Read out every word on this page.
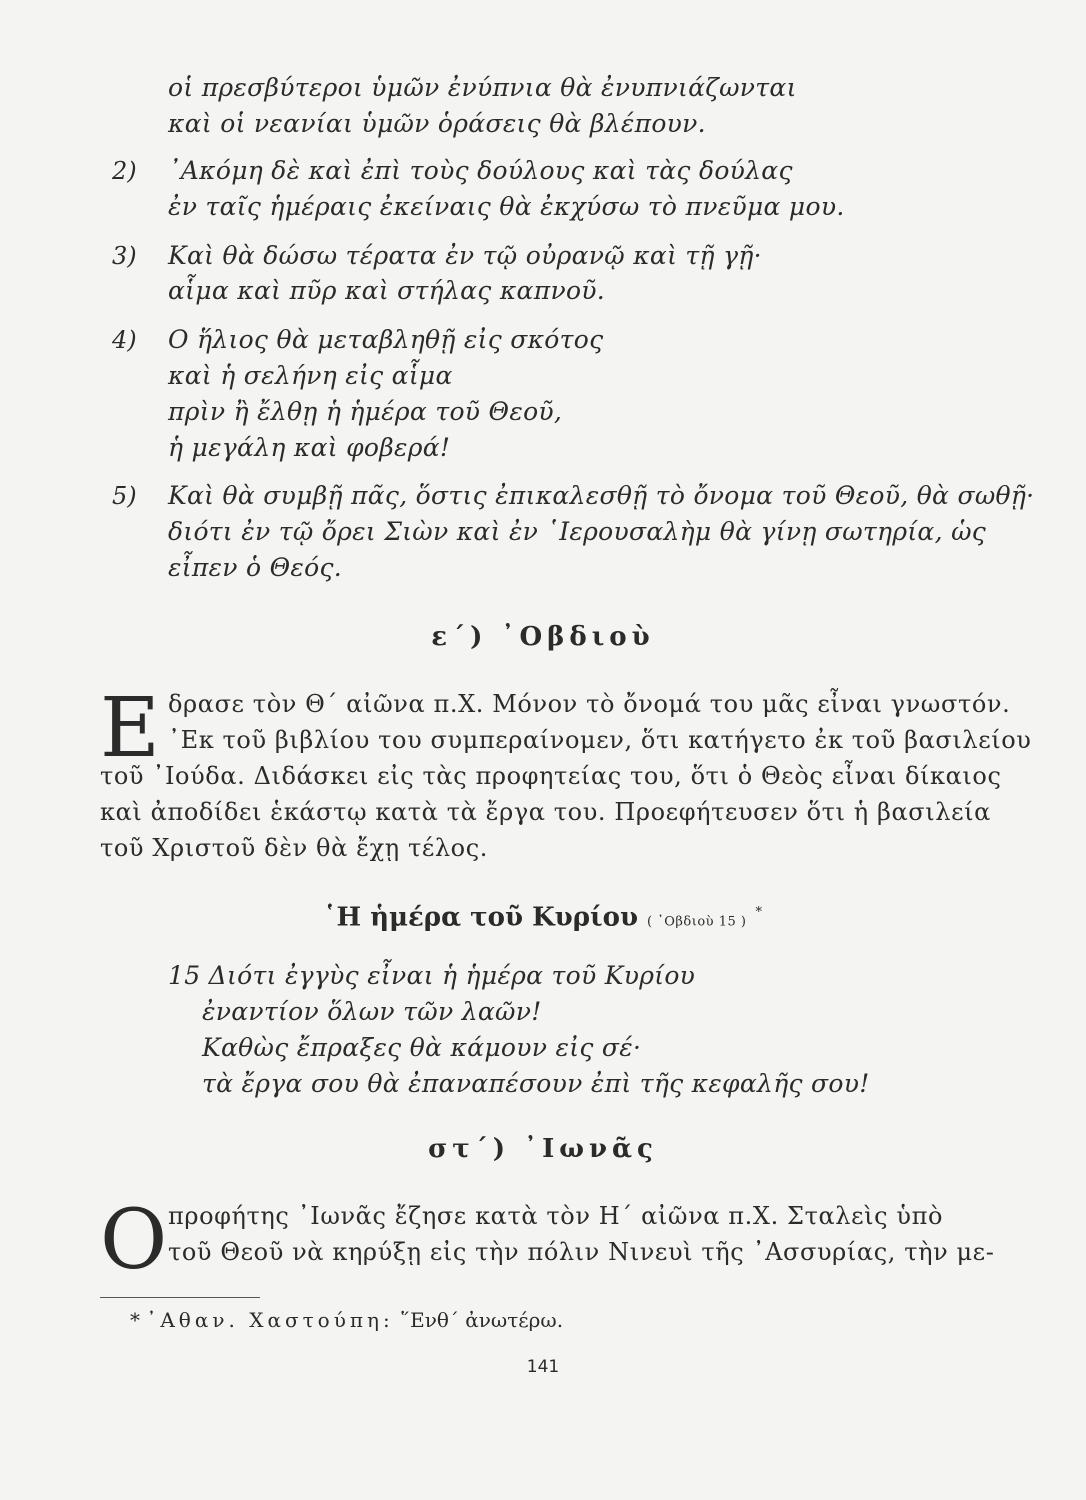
οἱ πρεσβύτεροι ὑμῶν ἐνύπνια θὰ ἐνυπνιάζωνται
καὶ οἱ νεανίαι ὑμῶν ὁράσεις θὰ βλέπουν.
2) ᾿Ακόμη δὲ καὶ ἐπὶ τοὺς δούλους καὶ τὰς δούλας
ἐν ταῖς ἡμέραις ἐκείναις θὰ ἐκχύσω τὸ πνεῦμα μου.
3) Καὶ θὰ δώσω τέρατα ἐν τῷ οὐρανῷ καὶ τῇ γῇ·
αἷμα καὶ πῦρ καὶ στήλας καπνοῦ.
4) Ο ἥλιος θὰ μεταβληθῇ εἰς σκότος
καὶ ἡ σελήνη εἰς αἷμα
πρὶν ἢ ἔλθῃ ἡ ἡμέρα τοῦ Θεοῦ,
ἡ μεγάλη καὶ φοβερά!
5) Καὶ θὰ συμβῇ πᾶς, ὅστις ἐπικαλεσθῇ τὸ ὄνομα τοῦ Θεοῦ, θὰ σωθῇ·
διότι ἐν τῷ ὄρει Σιὼν καὶ ἐν ῾Ιερουσαλὴμ θὰ γίνῃ σωτηρία, ὡς
εἶπεν ὁ Θεός.
ε΄) ᾿Οβδιοὺ
Ε δρασε τὸν Θ΄ αἰῶνα π.Χ. Μόνον τὸ ὄνομά του μᾶς εἶναι γνωστόν.
᾿Εκ τοῦ βιβλίου του συμπεραίνομεν, ὅτι κατήγετο ἐκ τοῦ βασιλείου
τοῦ ᾿Ιούδα. Διδάσκει εἰς τὰς προφητείας του, ὅτι ὁ Θεὸς εἶναι δίκαιος
καὶ ἀποδίδει ἑκάστῳ κατὰ τὰ ἔργα του. Προεφήτευσεν ὅτι ἡ βασιλεία
τοῦ Χριστοῦ δὲν θὰ ἔχῃ τέλος.
῾Η ἡμέρα τοῦ Κυρίου ( ᾿Οβδιοὺ 15 ) *
15 Διότι ἐγγὺς εἶναι ἡ ἡμέρα τοῦ Κυρίου
ἐναντίον ὅλων τῶν λαῶν!
Καθὼς ἔπραξες θὰ κάμουν εἰς σέ·
τὰ ἔργα σου θὰ ἐπαναπέσουν ἐπὶ τῆς κεφαλῆς σου!
στ΄) ᾿Ιωνᾶς
Ο προφήτης ᾿Ιωνᾶς ἔζησε κατὰ τὸν Η΄ αἰῶνα π.Χ. Σταλεὶς ὑπὸ
τοῦ Θεοῦ νὰ κηρύξῃ εἰς τὴν πόλιν Νινευὶ τῆς ᾿Ασσυρίας, τὴν με-
* ᾿Αθαν. Χαστούπη: ῞Ενθ΄ ἀνωτέρω.
141
